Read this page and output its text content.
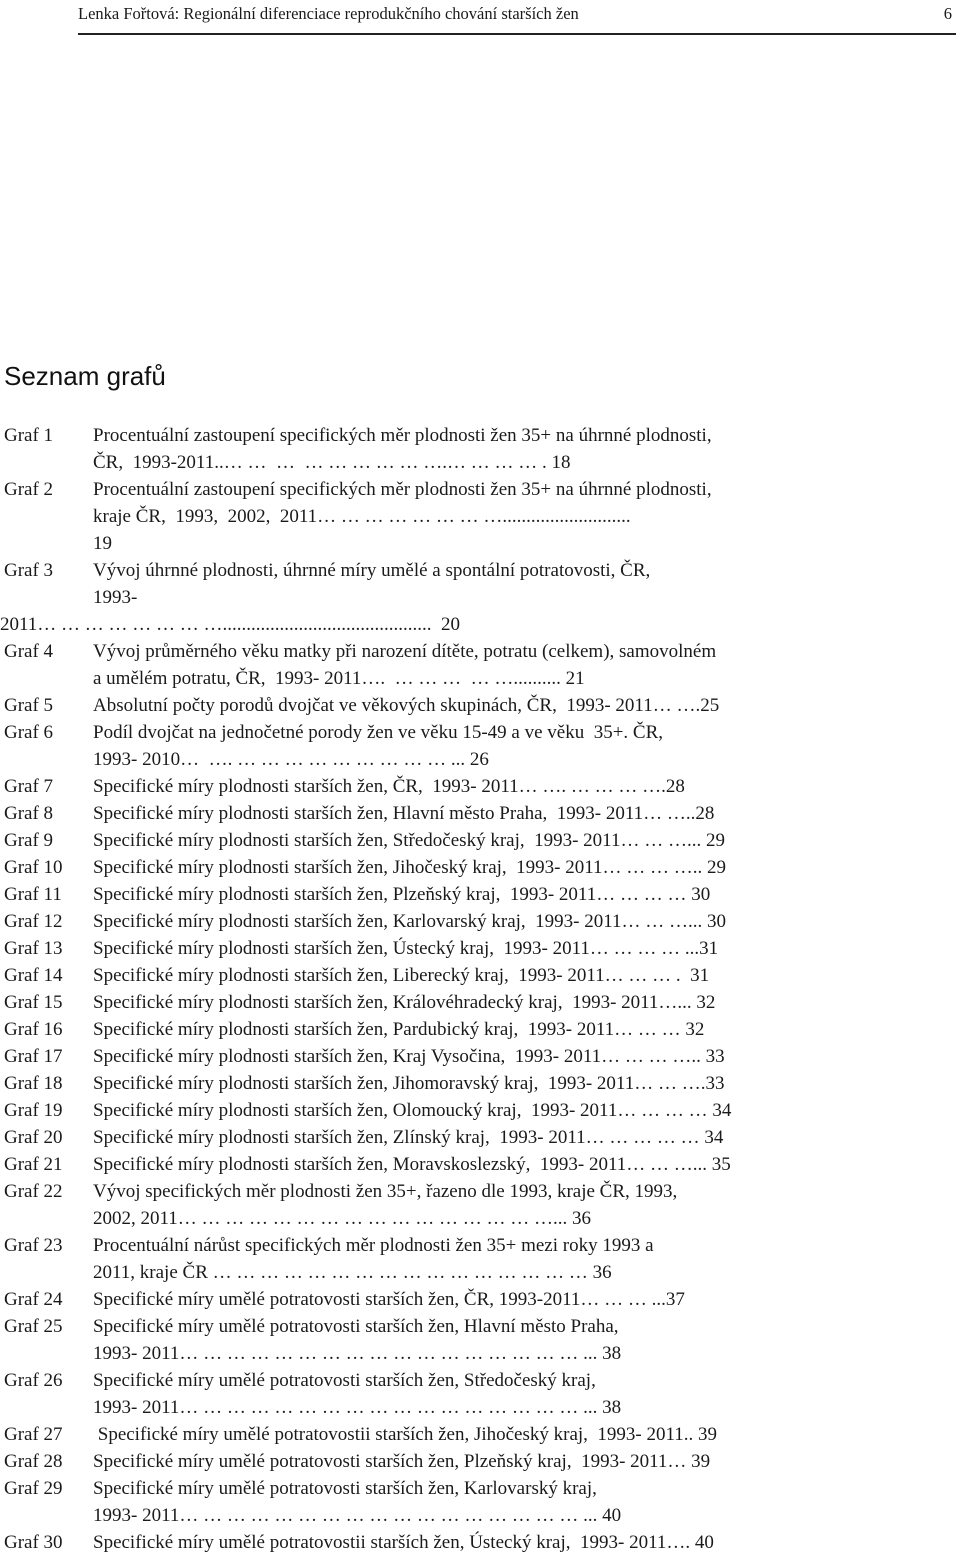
Lenka Fořtová: Regionální diferenciace reprodukčního chování starších žen	6
Seznam grafů
Graf 1 Procentuální zastoupení specifických měr plodnosti žen 35+ na úhrnné plodnosti,
ČR,  1993-2011..… …  …  … … … … … ….… … … … . 18
Graf 2 Procentuální zastoupení specifických měr plodnosti žen 35+ na úhrnné plodnosti,
kraje ČR,  1993,  2002,  2011… … … … … … … …...........................
19
Graf 3 Vývoj úhrnné plodnosti, úhrnné míry umělé a spontální potratovosti, ČR,
1993-
2011… … … … … … … …............................................  20
Graf 4 Vývoj průměrného věku matky při narození dítěte, potratu (celkem), samovolném
a umělém potratu, ČR,  1993- 2011….  … … …  … ….......... 21
Graf 5 Absolutní počty porodů dvojčat ve věkových skupinách, ČR,  1993- 2011… ….25
Graf 6 Podíl dvojčat na jednočetné porody žen ve věku 15-49 a ve věku  35+. ČR,
1993- 2010…  …. … … … … … … … … … ... 26
Graf 7 Specifické míry plodnosti starších žen, ČR,  1993- 2011… …. … … … ….28
Graf 8 Specifické míry plodnosti starších žen, Hlavní město Praha,  1993- 2011… …..28
Graf 9 Specifické míry plodnosti starších žen, Středočeský kraj,  1993- 2011… … …... 29
Graf 10 Specifické míry plodnosti starších žen, Jihočeský kraj,  1993- 2011… … … ….. 29
Graf 11 Specifické míry plodnosti starších žen, Plzeňský kraj,  1993- 2011… … … … 30
Graf 12 Specifické míry plodnosti starších žen, Karlovarský kraj,  1993- 2011… … …... 30
Graf 13 Specifické míry plodnosti starších žen, Ústecký kraj,  1993- 2011… … … … ...31
Graf 14 Specifické míry plodnosti starších žen, Liberecký kraj,  1993- 2011… … … .  31
Graf 15 Specifické míry plodnosti starších žen, Královéhradecký kraj,  1993- 2011…... 32
Graf 16 Specifické míry plodnosti starších žen, Pardubický kraj,  1993- 2011… … … 32
Graf 17 Specifické míry plodnosti starších žen, Kraj Vysočina,  1993- 2011… … … ….. 33
Graf 18 Specifické míry plodnosti starších žen, Jihomoravský kraj,  1993- 2011… … ….33
Graf 19 Specifické míry plodnosti starších žen, Olomoucký kraj,  1993- 2011… … … … 34
Graf 20 Specifické míry plodnosti starších žen, Zlínský kraj,  1993- 2011… … … … … 34
Graf 21 Specifické míry plodnosti starších žen, Moravskoslezský,  1993- 2011… … …... 35
Graf 22 Vývoj specifických měr plodnosti žen 35+, řazeno dle 1993, kraje ČR, 1993,
2002, 2011… … … … … … … … … … … … … … … …... 36
Graf 23 Procentuální nárůst specifických měr plodnosti žen 35+ mezi roky 1993 a
2011, kraje ČR … … … … … … … … … … … … … … … … 36
Graf 24 Specifické míry umělé potratovosti starších žen, ČR, 1993-2011… … … ...37
Graf 25 Specifické míry umělé potratovosti starších žen, Hlavní město Praha,
1993- 2011… … … … … … … … … … … … … … … … … ... 38
Graf 26 Specifické míry umělé potratovosti starších žen, Středočeský kraj,
1993- 2011… … … … … … … … … … … … … … … … … ... 38
Graf 27 Specifické míry umělé potratovostii starších žen, Jihočeský kraj,  1993- 2011.. 39
Graf 28 Specifické míry umělé potratovosti starších žen, Plzeňský kraj,  1993- 2011… 39
Graf 29 Specifické míry umělé potratovosti starších žen, Karlovarský kraj,
1993- 2011… … … … … … … … … … … … … … … … … ... 40
Graf 30 Specifické míry umělé potratovostii starších žen, Ústecký kraj,  1993- 2011…. 40
